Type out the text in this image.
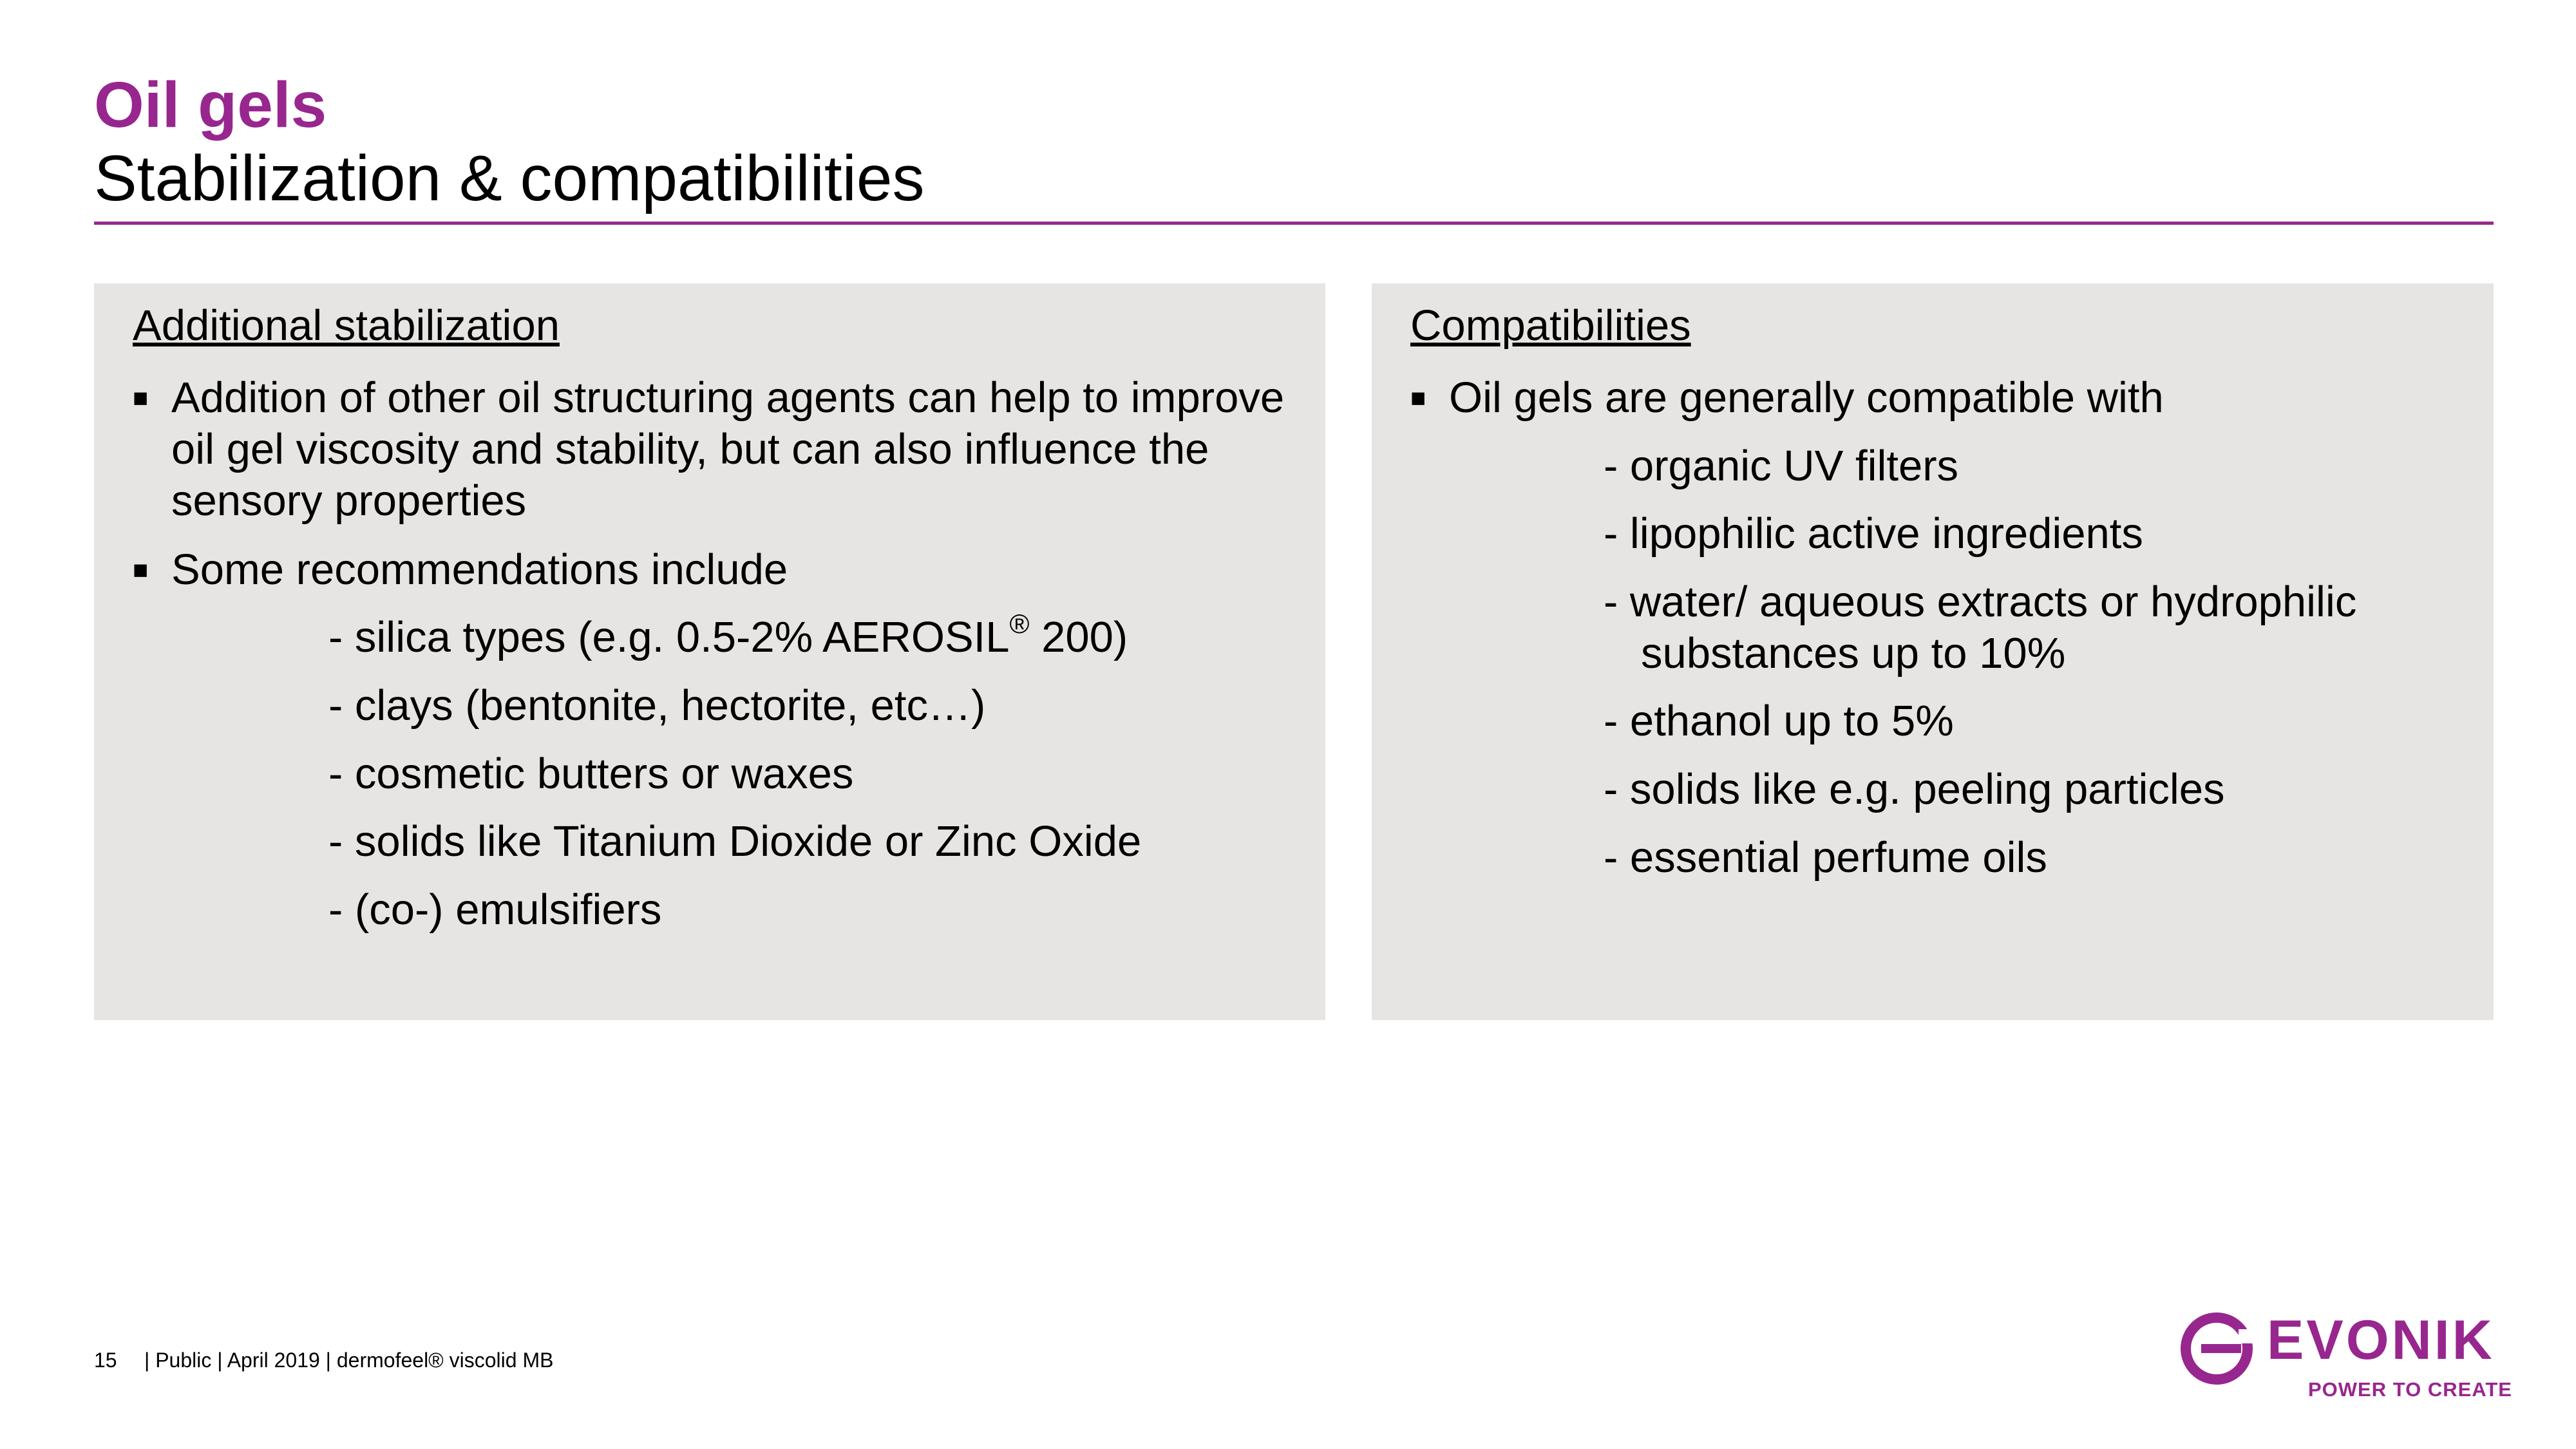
Oil gels
Stabilization & compatibilities
Additional stabilization
■ Addition of other oil structuring agents can help to improve oil gel viscosity and stability, but can also influence the sensory properties
■ Some recommendations include
- silica types (e.g. 0.5-2% AEROSIL® 200)
- clays (bentonite, hectorite, etc…)
- cosmetic butters or waxes
- solids like Titanium Dioxide or Zinc Oxide
- (co-) emulsifiers
Compatibilities
■ Oil gels are generally compatible with
- organic UV filters
- lipophilic active ingredients
- water/ aqueous extracts or hydrophilic
substances up to 10%
- ethanol up to 5%
- solids like e.g. peeling particles
- essential perfume oils
15 | Public | April 2019 | dermofeel® viscolid MB	EVONIK
POWER TO CREATE
